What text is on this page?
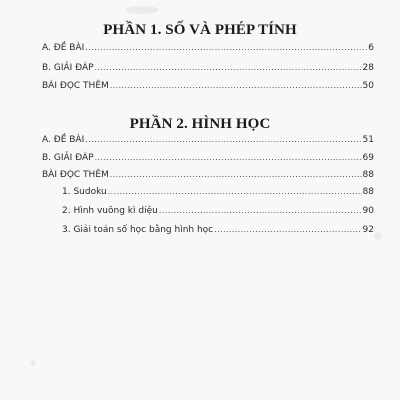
PHẦN 1. SỐ VÀ PHÉP TÍNH
A. ĐỀ BÀI .....	6
B. GIẢI ĐÁP .....	28
BÀI ĐỌC THÊM .....	50
PHẦN 2. HÌNH HỌC
A. ĐỀ BÀI .....	51
B. GIẢI ĐÁP .....	69
BÀI ĐỌC THÊM .....	88
1. Sudoku .....	88
2. Hình vuông kì diệu .....	90
3. Giải toán số học bằng hình học .....	92
